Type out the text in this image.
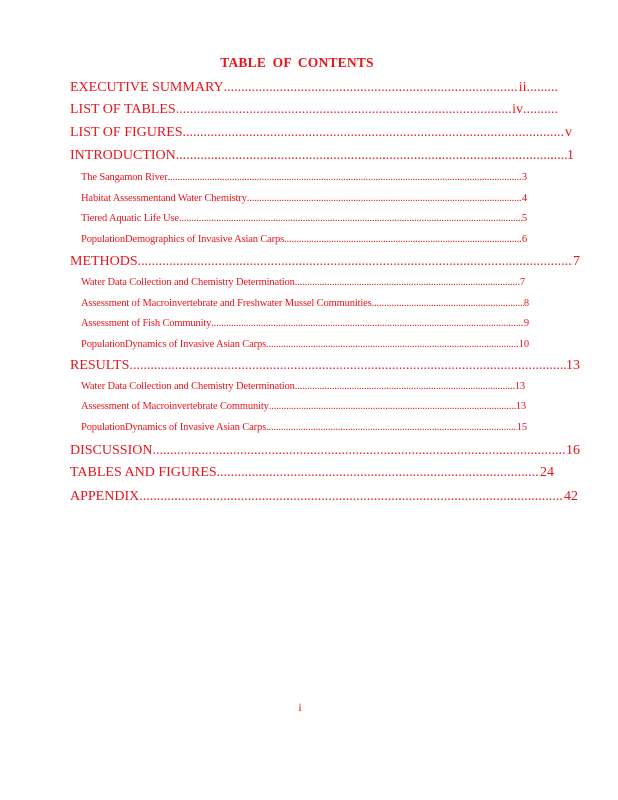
TABLE OF CONTENTS
EXECUTIVE SUMMARY .....	ii .........
LIST OF TABLES .....	iv ..........
LIST OF FIGURES .....	v
INTRODUCTION .....	1
The Sangamon River .....	3
Habitat Assessmentand Water Chemistry .....	4
Tiered Aquatic Life Use .....	5
PopulationDemographics of Invasive Asian Carps .....	6
METHODS .....	7
Water Data Collection and Chemistry Determination .....	7
Assessment of Macroinvertebrate and Freshwater Mussel Communities .....	8
Assessment of Fish Community .....	9
PopulationDynamics of Invasive Asian Carps .....	10
RESULTS .....	13
Water Data Collection and Chemistry Determination .....	13
Assessment of Macroinvertebrate Community .....	13
PopulationDynamics of Invasive Asian Carps .....	15
DISCUSSION .....	16
TABLES AND FIGURES .....	24
APPENDIX .....	42
i
